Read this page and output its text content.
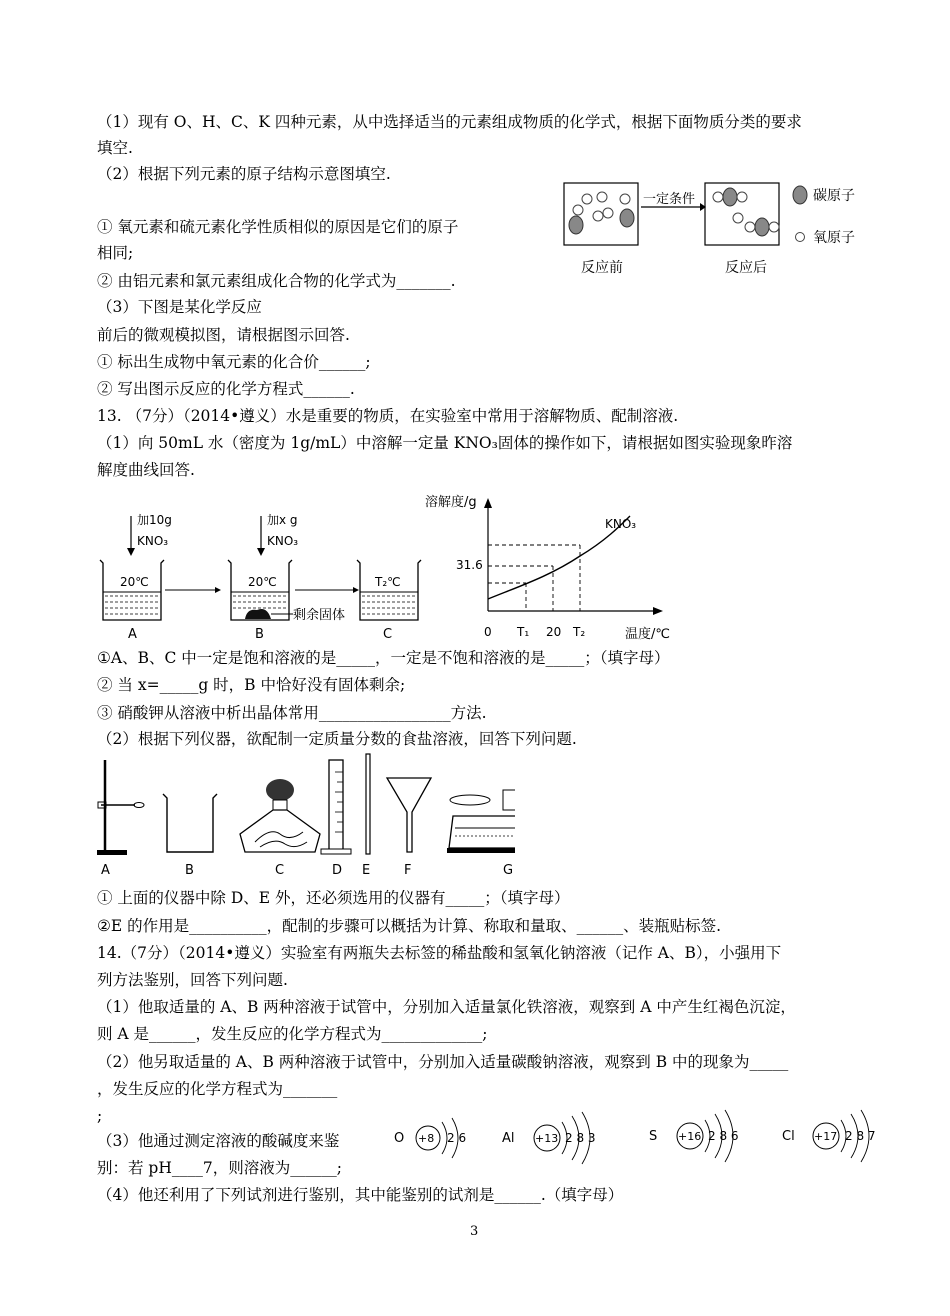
（1）现有 O、H、C、K 四种元素，从中选择适当的元素组成物质的化学式，根据下面物质分类的要求
填空.
（2）根据下列元素的原子结构示意图填空.
① 氧元素和硫元素化学性质相似的原因是它们的原子
相同;
② 由铝元素和氯元素组成化合物的化学式为_______.
（3）下图是某化学反应
前后的微观模拟图，请根据图示回答.
① 标出生成物中氧元素的化合价______;
② 写出图示反应的化学方程式______.
13. （7分）（2014•遵义）水是重要的物质，在实验室中常用于溶解物质、配制溶液.
（1）向 50mL 水（密度为 1g/mL）中溶解一定量 KNO₃固体的操作如下，请根据如图实验现象昨溶
解度曲线回答.
①A、B、C 中一定是饱和溶液的是_____，一定是不饱和溶液的是_____；（填字母）
② 当 x=_____g 时，B 中恰好没有固体剩余;
③ 硝酸钾从溶液中析出晶体常用_________________方法.
（2）根据下列仪器，欲配制一定质量分数的食盐溶液，回答下列问题.
① 上面的仪器中除 D、E 外，还必须选用的仪器有_____；（填字母）
②E 的作用是__________，配制的步骤可以概括为计算、称取和量取、______、装瓶贴标签.
14.（7分）（2014•遵义）实验室有两瓶失去标签的稀盐酸和氢氧化钠溶液（记作 A、B），小强用下
列方法鉴别，回答下列问题.
（1）他取适量的 A、B 两种溶液于试管中，分别加入适量氯化铁溶液，观察到 A 中产生红褐色沉淀，
则 A 是______，发生反应的化学方程式为_____________;
（2）他另取适量的 A、B 两种溶液于试管中，分别加入适量碳酸钠溶液，观察到 B 中的现象为_____
，发生反应的化学方程式为_______
;
（3）他通过测定溶液的酸碱度来鉴
别：若 pH____7，则溶液为______;
（4）他还利用了下列试剂进行鉴别，其中能鉴别的试剂是______.（填字母）
3
一定条件
反应前	反应后
碳原子
氧原子
加10g
KNO₃
20℃
A
加x g
KNO₃
20℃
剩余固体
B
T₂℃
C
溶解度/g
KNO₃
31.6
0 T₁ 20 T₂	温度/℃
A	B	C	D E	F	G
O +8 2 6	Al +13 2 8 3	S +16 2 8 6	Cl +17 2 8 7
